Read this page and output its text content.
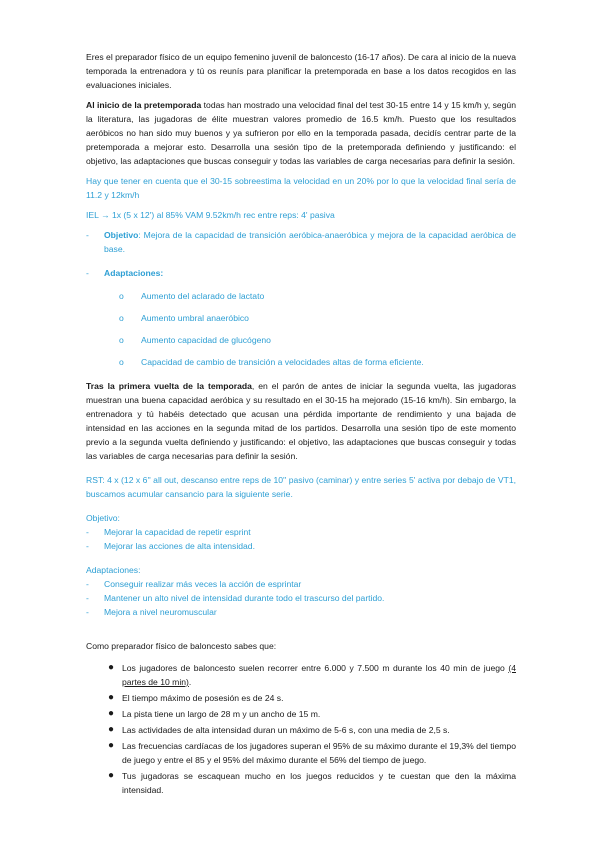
Eres el preparador físico de un equipo femenino juvenil de baloncesto (16-17 años). De cara al inicio de la nueva temporada la entrenadora y tú os reunís para planificar la pretemporada en base a los datos recogidos en las evaluaciones iniciales.

Al inicio de la pretemporada todas han mostrado una velocidad final del test 30-15 entre 14 y 15 km/h y, según la literatura, las jugadoras de élite muestran valores promedio de 16.5 km/h. Puesto que los resultados aeróbicos no han sido muy buenos y ya sufrieron por ello en la temporada pasada, decidís centrar parte de la pretemporada a mejorar esto. Desarrolla una sesión tipo de la pretemporada definiendo y justificando: el objetivo, las adaptaciones que buscas conseguir y todas las variables de carga necesarias para definir la sesión.

Hay que tener en cuenta que el 30-15 sobreestima la velocidad en un 20% por lo que la velocidad final sería de 11.2 y 12km/h

IEL → 1x (5 x 12') al 85% VAM 9.52km/h rec entre reps: 4' pasiva

-	Objetivo: Mejora de la capacidad de transición aeróbica-anaeróbica y mejora de la capacidad aeróbica de base.
-	Adaptaciones:
o	Aumento del aclarado de lactato
o	Aumento umbral anaeróbico
o	Aumento capacidad de glucógeno
o	Capacidad de cambio de transición a velocidades altas de forma eficiente.

Tras la primera vuelta de la temporada, en el parón de antes de iniciar la segunda vuelta, las jugadoras muestran una buena capacidad aeróbica y su resultado en el 30-15 ha mejorado (15-16 km/h). Sin embargo, la entrenadora y tú habéis detectado que acusan una pérdida importante de rendimiento y una bajada de intensidad en las acciones en la segunda mitad de los partidos. Desarrolla una sesión tipo de este momento previo a la segunda vuelta definiendo y justificando: el objetivo, las adaptaciones que buscas conseguir y todas las variables de carga necesarias para definir la sesión.

RST: 4 x (12 x 6'' all out, descanso entre reps de 10'' pasivo (caminar) y entre series 5' activa por debajo de VT1, buscamos acumular cansancio para la siguiente serie.

Objetivo:
-	Mejorar la capacidad de repetir esprint
-	Mejorar las acciones de alta intensidad.
Adaptaciones:
-	Conseguir realizar más veces la acción de esprintar
-	Mantener un alto nivel de intensidad durante todo el trascurso del partido.
-	Mejora a nivel neuromuscular

Como preparador físico de baloncesto sabes que:

● Los jugadores de baloncesto suelen recorrer entre 6.000 y 7.500 m durante los 40 min de juego (4 partes de 10 min).
● El tiempo máximo de posesión es de 24 s.
● La pista tiene un largo de 28 m y un ancho de 15 m.
● Las actividades de alta intensidad duran un máximo de 5-6 s, con una media de 2,5 s.
● Las frecuencias cardíacas de los jugadores superan el 95% de su máximo durante el 19,3% del tiempo de juego y entre el 85 y el 95% del máximo durante el 56% del tiempo de juego.
● Tus jugadoras se escaquean mucho en los juegos reducidos y te cuestan que den la máxima intensidad.
